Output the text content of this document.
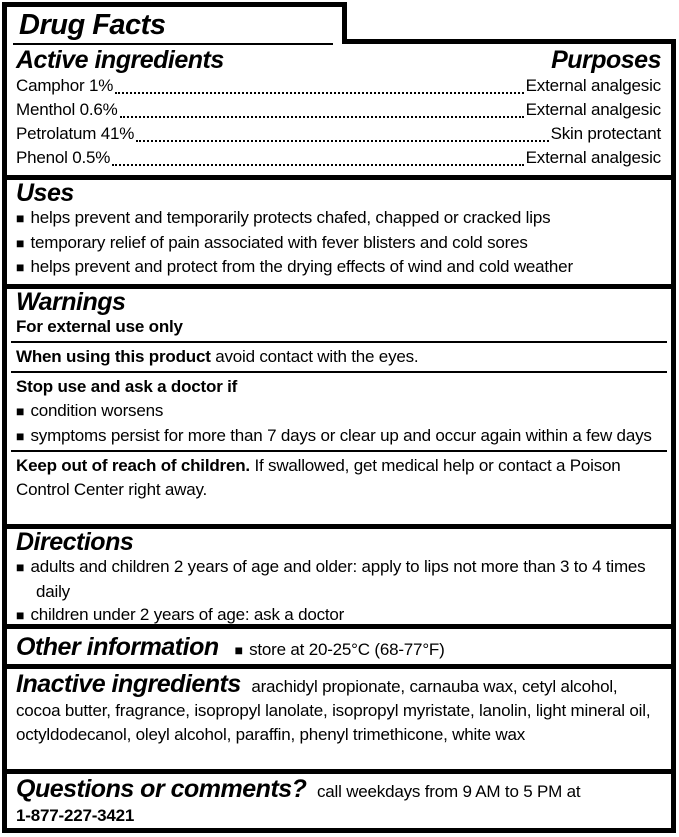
Drug Facts
Active ingredients	Purposes
Camphor 1%	External analgesic
Menthol 0.6%	External analgesic
Petrolatum 41%	Skin protectant
Phenol 0.5%	External analgesic
Uses
■ helps prevent and temporarily protects chafed, chapped or cracked lips
■ temporary relief of pain associated with fever blisters and cold sores
■ helps prevent and protect from the drying effects of wind and cold weather
Warnings
For external use only
When using this product avoid contact with the eyes.
Stop use and ask a doctor if
■ condition worsens
■ symptoms persist for more than 7 days or clear up and occur again within a few days
Keep out of reach of children. If swallowed, get medical help or contact a Poison Control Center right away.
Directions
■ adults and children 2 years of age and older: apply to lips not more than 3 to 4 times daily
■ children under 2 years of age: ask a doctor
Other information ■ store at 20-25°C (68-77°F)

Inactive ingredients arachidyl propionate, carnauba wax, cetyl alcohol, cocoa butter, fragrance, isopropyl lanolate, isopropyl myristate, lanolin, light mineral oil, octyldodecanol, oleyl alcohol, paraffin, phenyl trimethicone, white wax

Questions or comments? call weekdays from 9 AM to 5 PM at

1-877-227-3421
